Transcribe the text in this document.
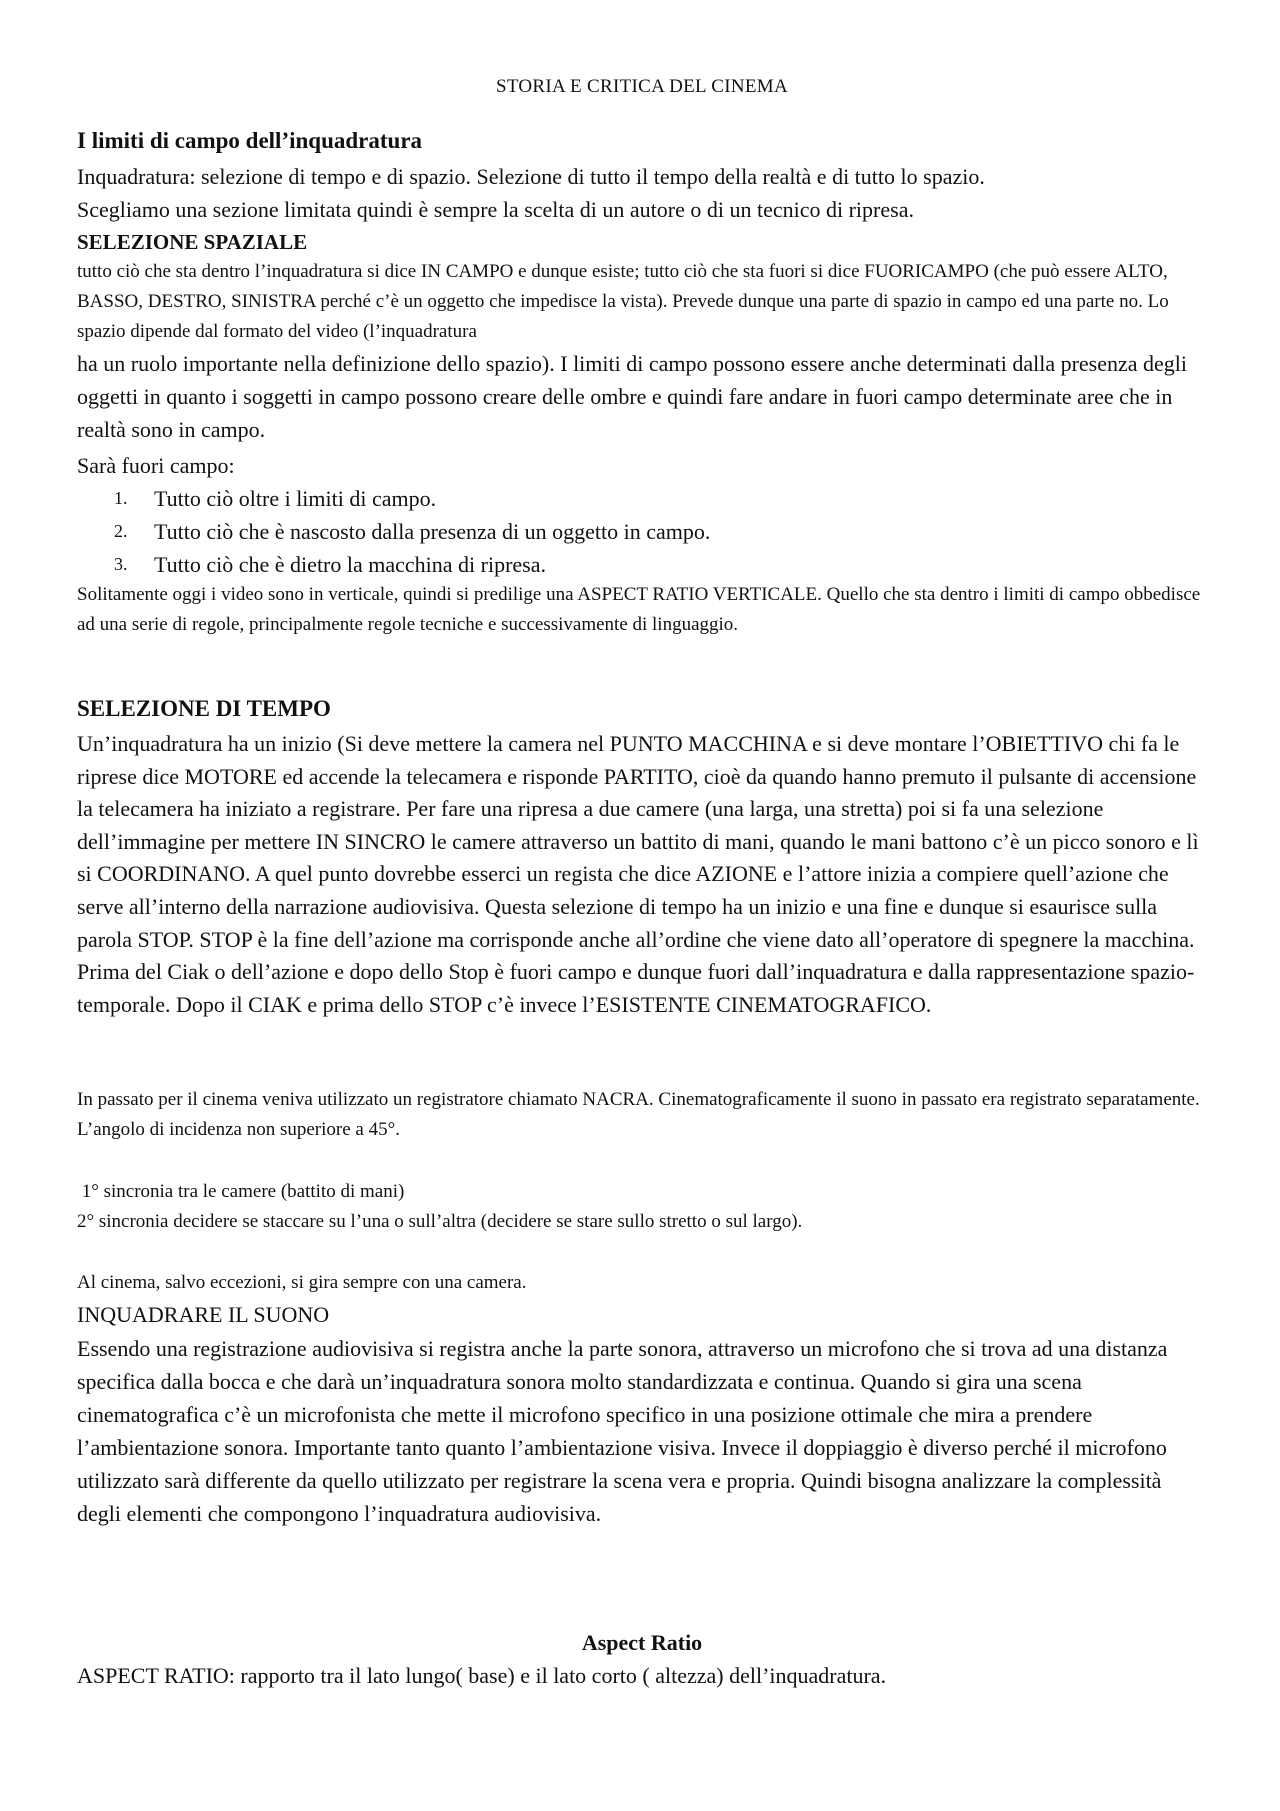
STORIA E CRITICA DEL CINEMA

I limiti di campo dell’inquadratura

Inquadratura: selezione di tempo e di spazio. Selezione di tutto il tempo della realtà e di tutto lo spazio.

Scegliamo una sezione limitata quindi è sempre la scelta di un autore o di un tecnico di ripresa.

SELEZIONE SPAZIALE

tutto ciò che sta dentro l’inquadratura si dice IN CAMPO e dunque esiste; tutto ciò che sta fuori si dice FUORICAMPO (che può essere ALTO, BASSO, DESTRO, SINISTRA perché c’è un oggetto che impedisce la vista). Prevede dunque una parte di spazio in campo ed una parte no. Lo spazio dipende dal formato del video (l’inquadratura

ha un ruolo importante nella definizione dello spazio). I limiti di campo possono essere anche determinati dalla presenza degli oggetti in quanto i soggetti in campo possono creare delle ombre e quindi fare andare in fuori campo determinate aree che in realtà sono in campo.

Sarà fuori campo:

1. Tutto ciò oltre i limiti di campo.
2. Tutto ciò che è nascosto dalla presenza di un oggetto in campo.
3. Tutto ciò che è dietro la macchina di ripresa.

Solitamente oggi i video sono in verticale, quindi si predilige una ASPECT RATIO VERTICALE. Quello che sta dentro i limiti di campo obbedisce ad una serie di regole, principalmente regole tecniche e successivamente di linguaggio.

SELEZIONE DI TEMPO

Un’inquadratura ha un inizio (Si deve mettere la camera nel PUNTO MACCHINA e si deve montare l’OBIETTIVO chi fa le riprese dice MOTORE ed accende la telecamera e risponde PARTITO, cioè da quando hanno premuto il pulsante di accensione la telecamera ha iniziato a registrare. Per fare una ripresa a due camere (una larga, una stretta) poi si fa una selezione dell’immagine per mettere IN SINCRO le camere attraverso un battito di mani, quando le mani battono c’è un picco sonoro e lì si COORDINANO. A quel punto dovrebbe esserci un regista che dice AZIONE e l’attore inizia a compiere quell’azione che serve all’interno della narrazione audiovisiva. Questa selezione di tempo ha un inizio e una fine e dunque si esaurisce sulla parola STOP. STOP è la fine dell’azione ma corrisponde anche all’ordine che viene dato all’operatore di spegnere la macchina. Prima del Ciak o dell’azione e dopo dello Stop è fuori campo e dunque fuori dall’inquadratura e dalla rappresentazione spazio-temporale. Dopo il CIAK e prima dello STOP c’è invece l’ESISTENTE CINEMATOGRAFICO.

In passato per il cinema veniva utilizzato un registratore chiamato NACRA. Cinematograficamente il suono in passato era registrato separatamente. L’angolo di incidenza non superiore a 45°.

1° sincronia tra le camere (battito di mani)

2° sincronia decidere se staccare su l’una o sull’altra (decidere se stare sullo stretto o sul largo).

Al cinema, salvo eccezioni, si gira sempre con una camera.

INQUADRARE IL SUONO

Essendo una registrazione audiovisiva si registra anche la parte sonora, attraverso un microfono che si trova ad una distanza specifica dalla bocca e che darà un’inquadratura sonora molto standardizzata e continua. Quando si gira una scena cinematografica c’è un microfonista che mette il microfono specifico in una posizione ottimale che mira a prendere l’ambientazione sonora. Importante tanto quanto l’ambientazione visiva. Invece il doppiaggio è diverso perché il microfono utilizzato sarà differente da quello utilizzato per registrare la scena vera e propria. Quindi bisogna analizzare la complessità degli elementi che compongono l’inquadratura audiovisiva.

Aspect Ratio

ASPECT RATIO: rapporto tra il lato lungo( base) e il lato corto ( altezza) dell’inquadratura.
